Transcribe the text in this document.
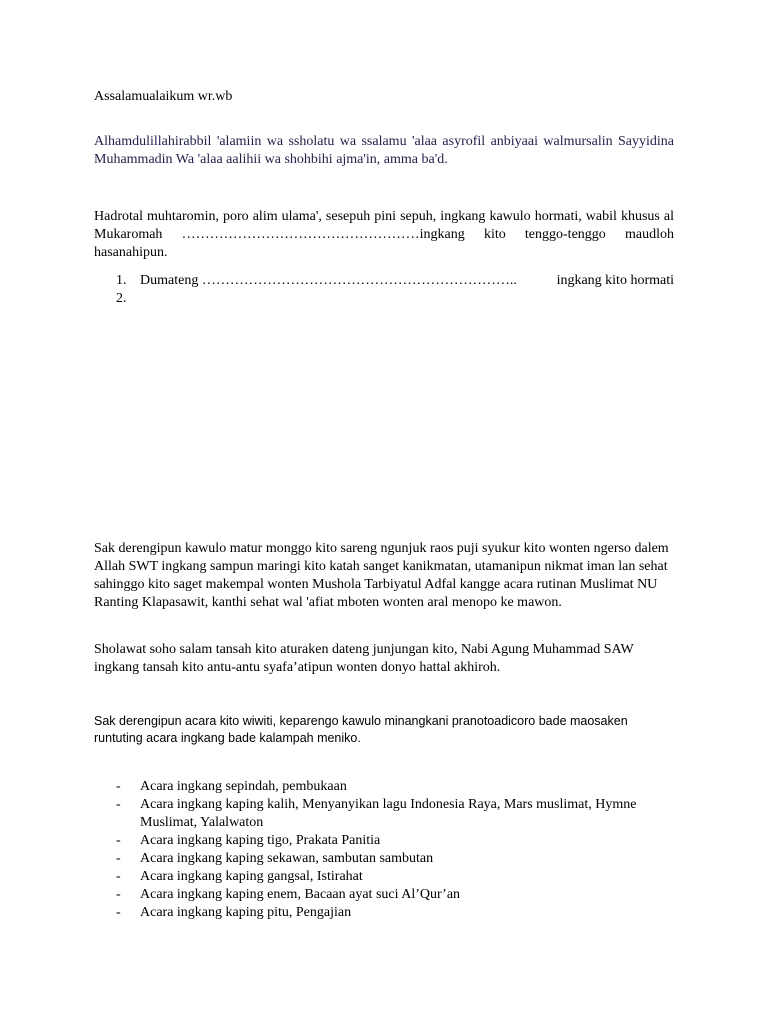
Assalamualaikum wr.wb

Alhamdulillahirabbil 'alamiin wa ssholatu wa ssalamu 'alaa asyrofil anbiyaai walmursalin Sayyidina Muhammadin Wa 'alaa aalihii wa shohbihi ajma'in, amma ba'd.

Hadrotal muhtaromin, poro alim ulama', sesepuh pini sepuh, ingkang kawulo hormati, wabil khusus al Mukaromah ……………………………………………ingkang kito tenggo-tenggo maudloh hasanahipun.

1. Dumateng …………………………………………………………..	ingkang kito hormati
2.

Sak derengipun kawulo matur monggo kito sareng ngunjuk raos puji syukur kito wonten ngerso dalem Allah SWT ingkang sampun maringi kito katah sanget kanikmatan, utamanipun nikmat iman lan sehat sahinggo kito saget makempal wonten Mushola Tarbiyatul Adfal kangge acara rutinan Muslimat NU Ranting Klapasawit, kanthi sehat wal 'afiat mboten wonten aral menopo ke mawon.

Sholawat soho salam tansah kito aturaken dateng junjungan kito, Nabi Agung Muhammad SAW ingkang tansah kito antu-antu syafa’atipun wonten donyo hattal akhiroh.

Sak derengipun acara kito wiwiti, keparengo kawulo minangkani pranotoadicoro bade maosaken runtuting acara ingkang bade kalampah meniko.

- Acara ingkang sepindah, pembukaan
- Acara ingkang kaping kalih, Menyanyikan lagu Indonesia Raya, Mars muslimat, Hymne Muslimat, Yalalwaton
- Acara ingkang kaping tigo, Prakata Panitia
- Acara ingkang kaping sekawan, sambutan sambutan
- Acara ingkang kaping gangsal, Istirahat
- Acara ingkang kaping enem, Bacaan ayat suci Al’Qur’an
- Acara ingkang kaping pitu, Pengajian
